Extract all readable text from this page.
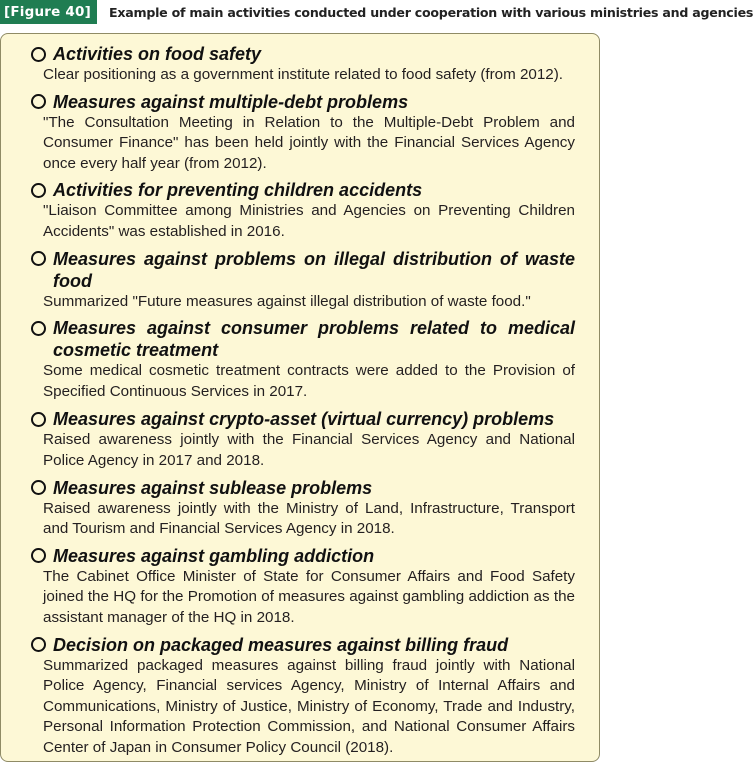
[Figure 40]	Example of main activities conducted under cooperation with various ministries and agencies
Activities on food safety
Clear positioning as a government institute related to food safety (from 2012).
Measures against multiple-debt problems
"The Consultation Meeting in Relation to the Multiple-Debt Problem and Consumer Finance" has been held jointly with the Financial Services Agency once every half year (from 2012).
Activities for preventing children accidents
"Liaison Committee among Ministries and Agencies on Preventing Children Accidents" was established in 2016.
Measures against problems on illegal distribution of waste food
Summarized "Future measures against illegal distribution of waste food."
Measures against consumer problems related to medical cosmetic treatment
Some medical cosmetic treatment contracts were added to the Provision of Specified Continuous Services in 2017.
Measures against crypto-asset (virtual currency) problems
Raised awareness jointly with the Financial Services Agency and National Police Agency in 2017 and 2018.
Measures against sublease problems
Raised awareness jointly with the Ministry of Land, Infrastructure, Transport and Tourism and Financial Services Agency in 2018.
Measures against gambling addiction
The Cabinet Office Minister of State for Consumer Affairs and Food Safety joined the HQ for the Promotion of measures against gambling addiction as the assistant manager of the HQ in 2018.
Decision on packaged measures against billing fraud
Summarized packaged measures against billing fraud jointly with National Police Agency, Financial services Agency, Ministry of Internal Affairs and Communications, Ministry of Justice, Ministry of Economy, Trade and Industry, Personal Information Protection Commission, and National Consumer Affairs Center of Japan in Consumer Policy Council (2018).
